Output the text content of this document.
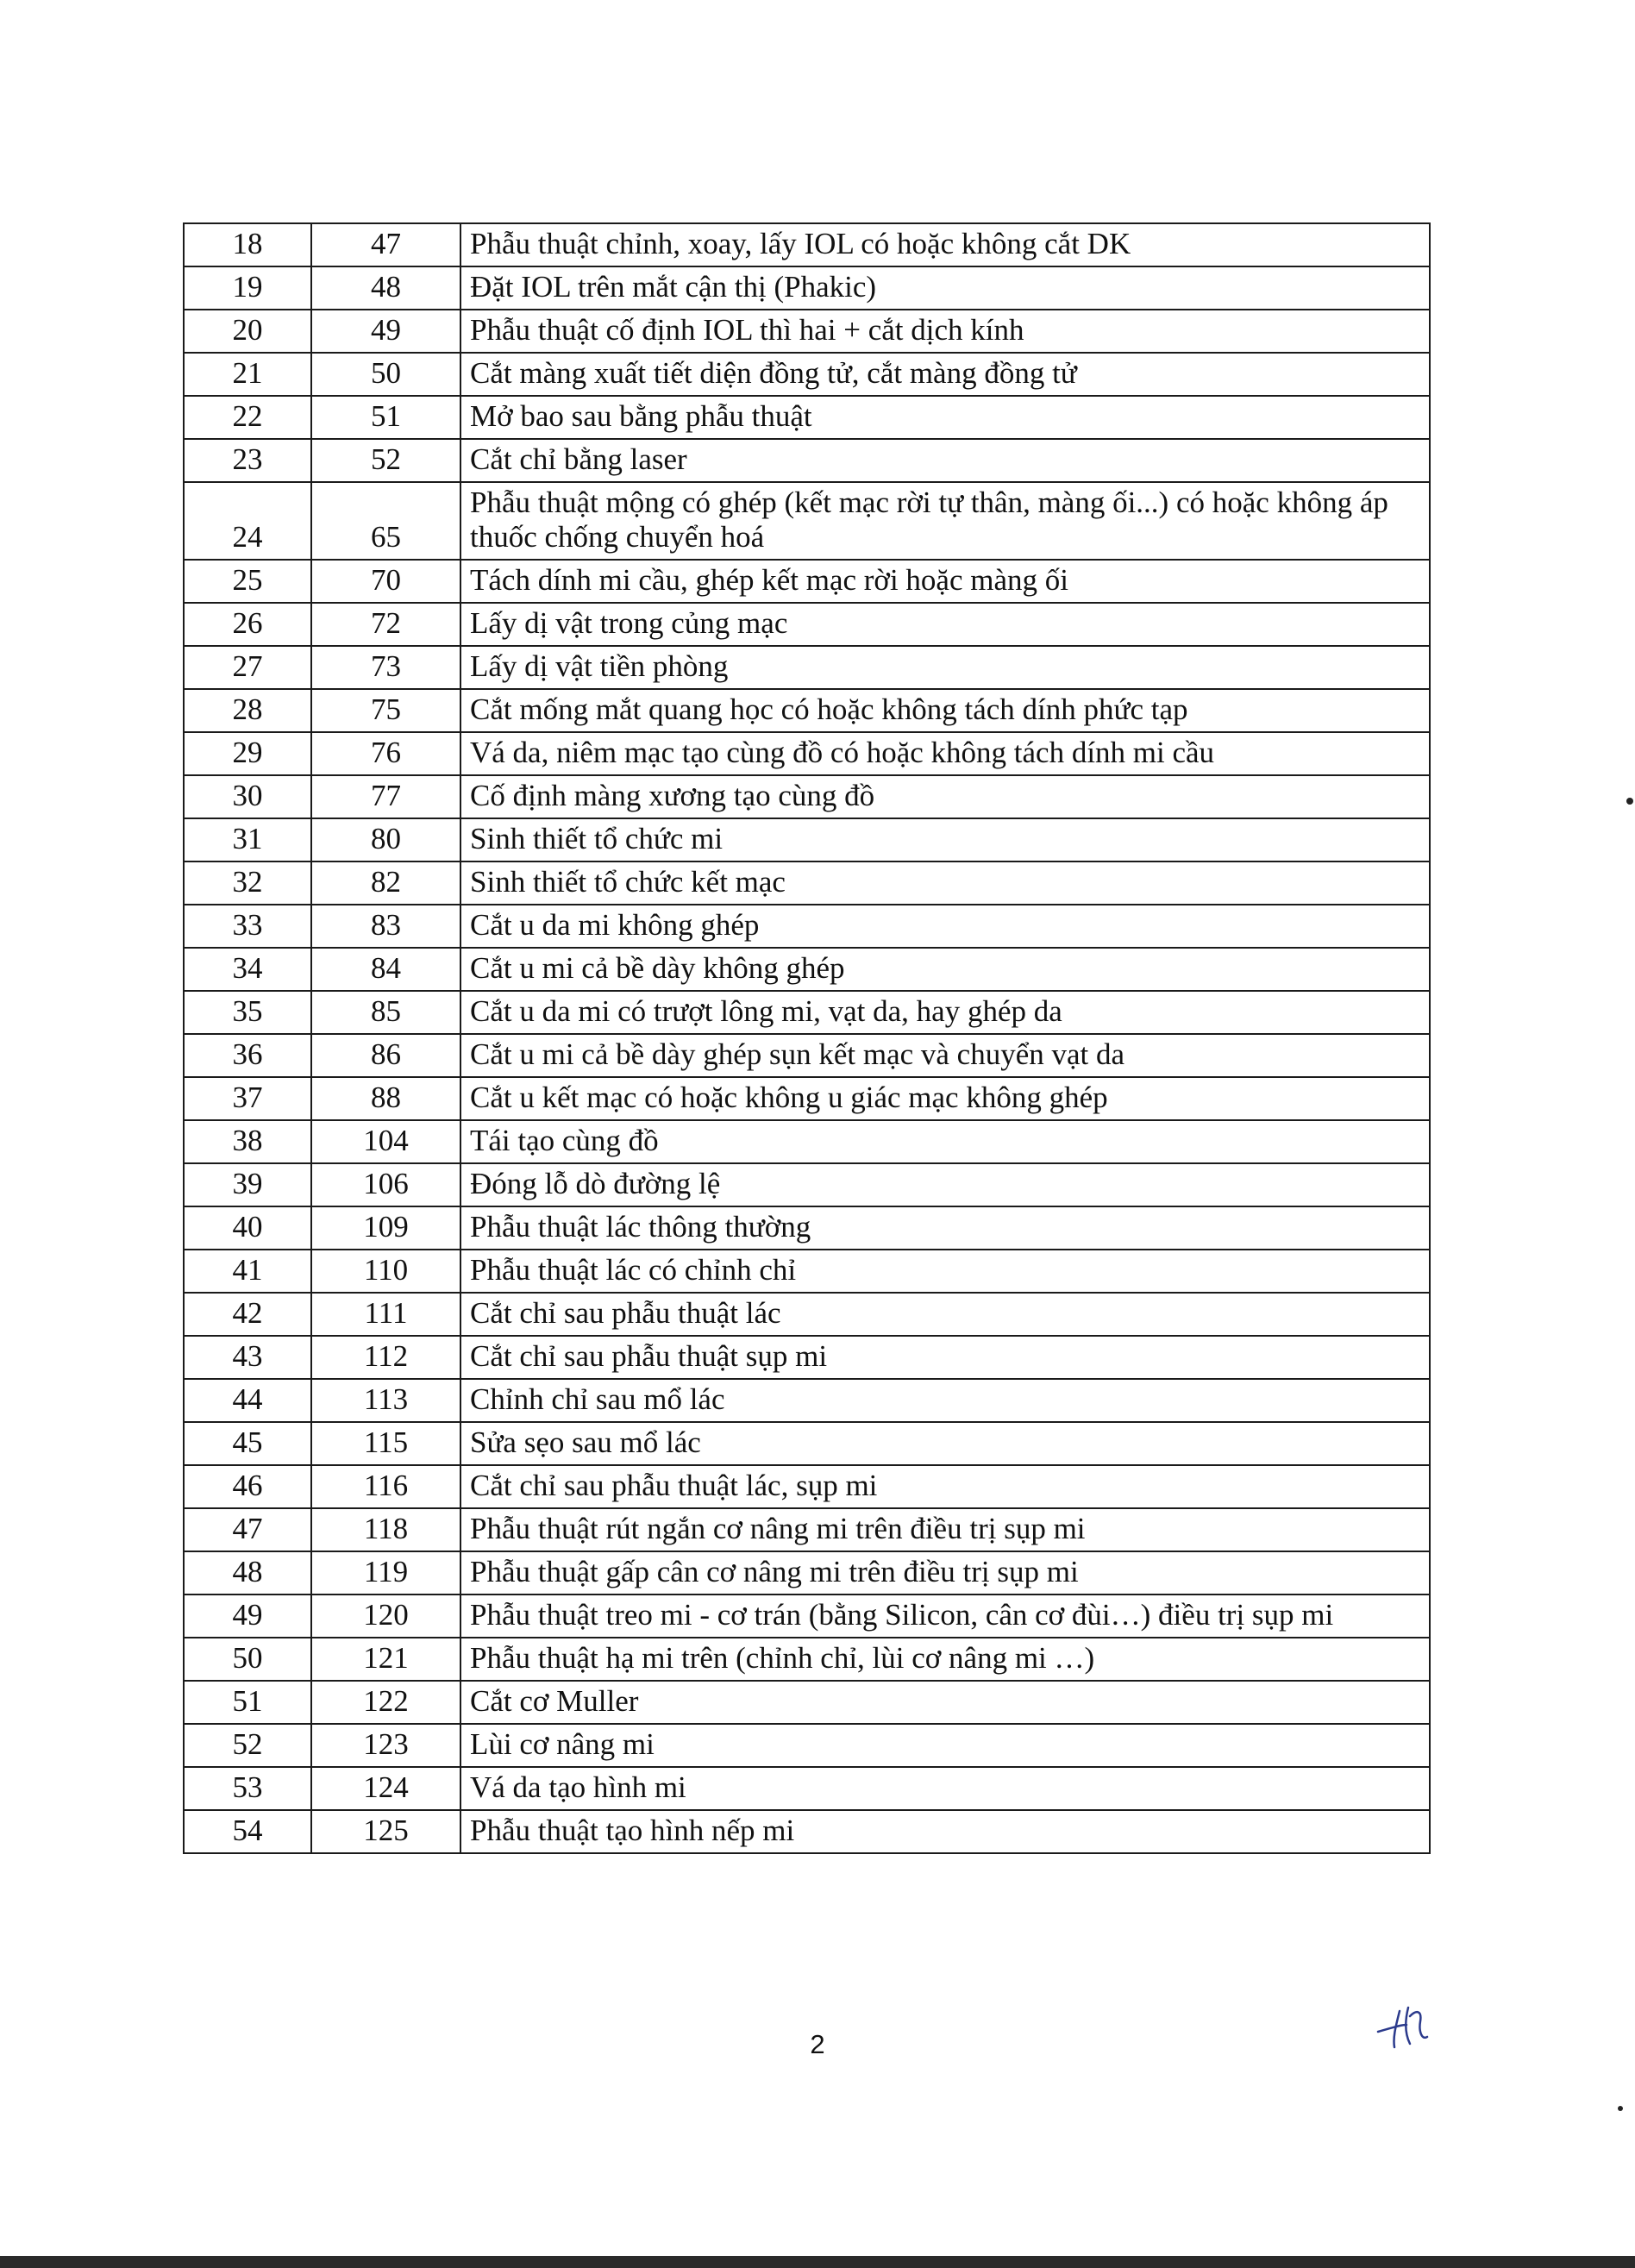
18	47	Phẫu thuật chỉnh, xoay, lấy IOL có hoặc không cắt DK
19	48	Đặt IOL trên mắt cận thị (Phakic)
20	49	Phẫu thuật cố định IOL thì hai + cắt dịch kính
21	50	Cắt màng xuất tiết diện đồng tử, cắt màng đồng tử
22	51	Mở bao sau bằng phẫu thuật
23	52	Cắt chỉ bằng laser
24	65	Phẫu thuật mộng có ghép (kết mạc rời tự thân, màng ối...) có hoặc không áp thuốc chống chuyển hoá
25	70	Tách dính mi cầu, ghép kết mạc rời hoặc màng ối
26	72	Lấy dị vật trong củng mạc
27	73	Lấy dị vật tiền phòng
28	75	Cắt mống mắt quang học có hoặc không tách dính phức tạp
29	76	Vá da, niêm mạc tạo cùng đồ có hoặc không tách dính mi cầu
30	77	Cố định màng xương tạo cùng đồ
31	80	Sinh thiết tổ chức mi
32	82	Sinh thiết tổ chức kết mạc
33	83	Cắt u da mi không ghép
34	84	Cắt u mi cả bề dày không ghép
35	85	Cắt u da mi có trượt lông mi, vạt da, hay ghép da
36	86	Cắt u mi cả bề dày ghép sụn kết mạc và chuyển vạt da
37	88	Cắt u kết mạc có hoặc không u giác mạc không ghép
38	104	Tái tạo cùng đồ
39	106	Đóng lỗ dò đường lệ
40	109	Phẫu thuật lác thông thường
41	110	Phẫu thuật lác có chỉnh chỉ
42	111	Cắt chỉ sau phẫu thuật lác
43	112	Cắt chỉ sau phẫu thuật sụp mi
44	113	Chỉnh chỉ sau mổ lác
45	115	Sửa sẹo sau mổ lác
46	116	Cắt chỉ sau phẫu thuật lác, sụp mi
47	118	Phẫu thuật rút ngắn cơ nâng mi trên điều trị sụp mi
48	119	Phẫu thuật gấp cân cơ nâng mi trên điều trị sụp mi
49	120	Phẫu thuật treo mi - cơ trán (bằng Silicon, cân cơ đùi…) điều trị sụp mi
50	121	Phẫu thuật hạ mi trên (chỉnh chỉ, lùi cơ nâng mi …)
51	122	Cắt cơ Muller
52	123	Lùi cơ nâng mi
53	124	Vá da tạo hình mi
54	125	Phẫu thuật tạo hình nếp mi
2
